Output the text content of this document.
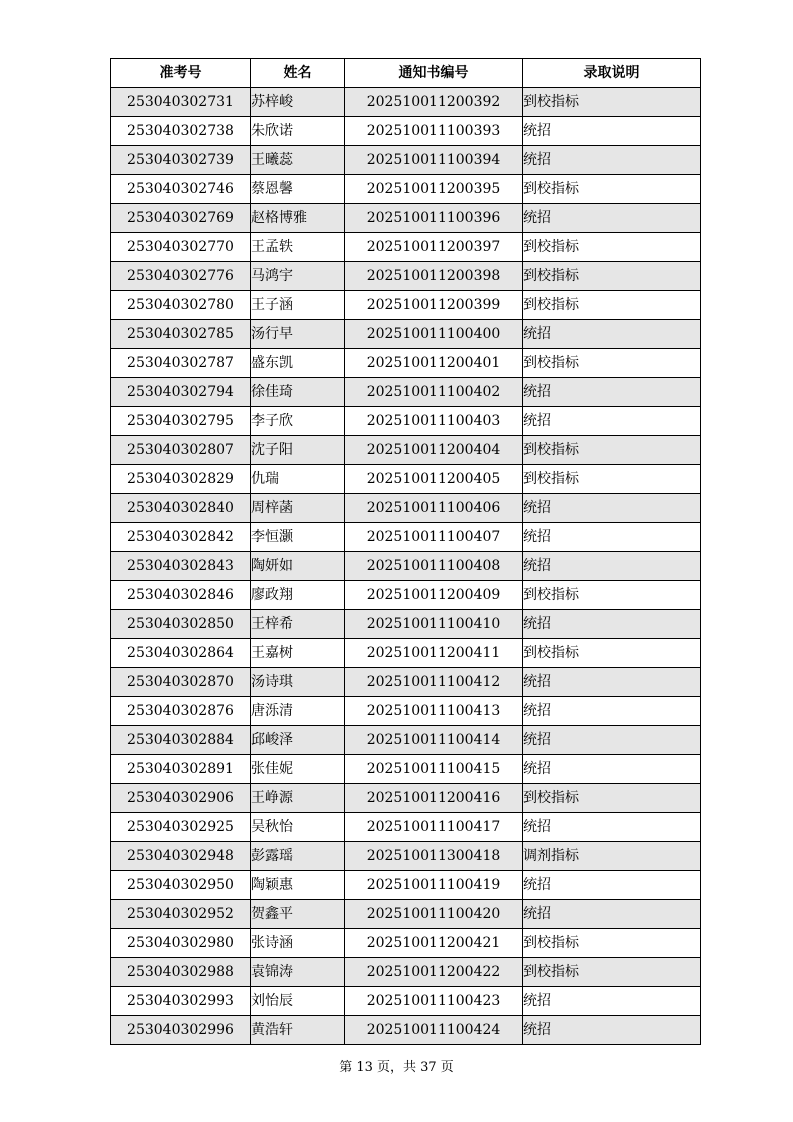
准考号	姓名	通知书编号	录取说明
253040302731	苏梓峻	202510011200392	到校指标
253040302738	朱欣诺	202510011100393	统招
253040302739	王曦蕊	202510011100394	统招
253040302746	蔡恩馨	202510011200395	到校指标
253040302769	赵格博雅	202510011100396	统招
253040302770	王孟轶	202510011200397	到校指标
253040302776	马鸿宇	202510011200398	到校指标
253040302780	王子涵	202510011200399	到校指标
253040302785	汤行早	202510011100400	统招
253040302787	盛东凯	202510011200401	到校指标
253040302794	徐佳琦	202510011100402	统招
253040302795	李子欣	202510011100403	统招
253040302807	沈子阳	202510011200404	到校指标
253040302829	仇瑞	202510011200405	到校指标
253040302840	周梓菡	202510011100406	统招
253040302842	李恒灏	202510011100407	统招
253040302843	陶妍如	202510011100408	统招
253040302846	廖政翔	202510011200409	到校指标
253040302850	王梓希	202510011100410	统招
253040302864	王嘉树	202510011200411	到校指标
253040302870	汤诗琪	202510011100412	统招
253040302876	唐泺清	202510011100413	统招
253040302884	邱峻泽	202510011100414	统招
253040302891	张佳妮	202510011100415	统招
253040302906	王峥源	202510011200416	到校指标
253040302925	吴秋怡	202510011100417	统招
253040302948	彭露瑶	202510011300418	调剂指标
253040302950	陶颖惠	202510011100419	统招
253040302952	贺鑫平	202510011100420	统招
253040302980	张诗涵	202510011200421	到校指标
253040302988	袁锦涛	202510011200422	到校指标
253040302993	刘怡辰	202510011100423	统招
253040302996	黄浩轩	202510011100424	统招
第 13 页，共 37 页
